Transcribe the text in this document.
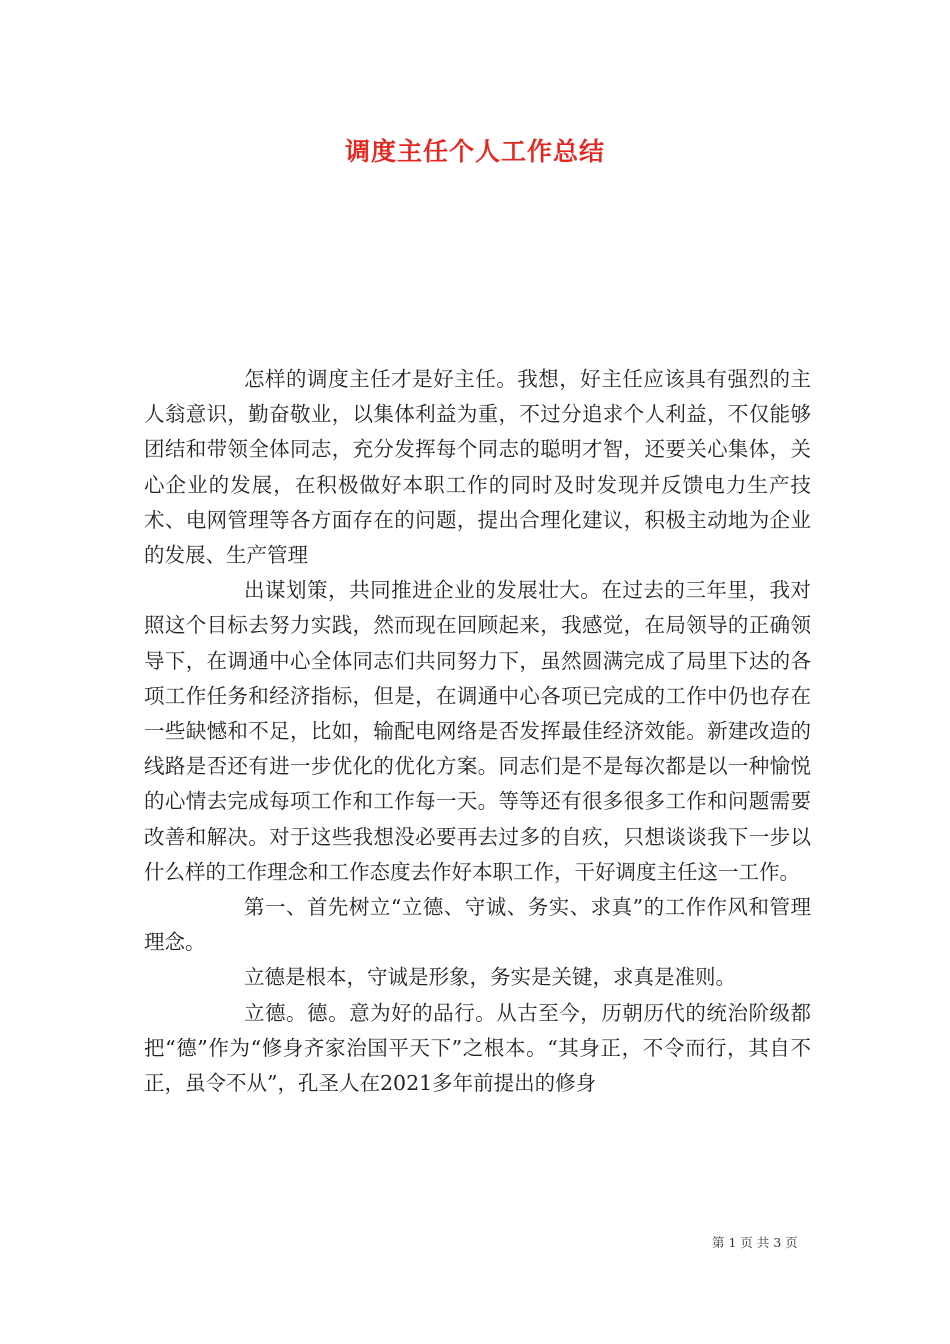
调度主任个人工作总结

怎样的调度主任才是好主任。我想，好主任应该具有强烈的主人翁意识，勤奋敬业，以集体利益为重，不过分追求个人利益，不仅能够团结和带领全体同志，充分发挥每个同志的聪明才智，还要关心集体，关心企业的发展，在积极做好本职工作的同时及时发现并反馈电力生产技术、电网管理等各方面存在的问题，提出合理化建议，积极主动地为企业的发展、生产管理

出谋划策，共同推进企业的发展壮大。在过去的三年里，我对照这个目标去努力实践，然而现在回顾起来，我感觉，在局领导的正确领导下，在调通中心全体同志们共同努力下，虽然圆满完成了局里下达的各项工作任务和经济指标，但是，在调通中心各项已完成的工作中仍也存在一些缺憾和不足，比如，输配电网络是否发挥最佳经济效能。新建改造的线路是否还有进一步优化的优化方案。同志们是不是每次都是以一种愉悦的心情去完成每项工作和工作每一天。等等还有很多很多工作和问题需要改善和解决。对于这些我想没必要再去过多的自疚，只想谈谈我下一步以什么样的工作理念和工作态度去作好本职工作，干好调度主任这一工作。

第一、首先树立“立德、守诚、务实、求真”的工作作风和管理理念。

立德是根本，守诚是形象，务实是关键，求真是准则。

立德。德。意为好的品行。从古至今，历朝历代的统治阶级都把“德”作为“修身齐家治国平天下”之根本。“其身正，不令而行，其自不正，虽令不从”，孔圣人在2021多年前提出的修身

第 1 页 共 3 页
